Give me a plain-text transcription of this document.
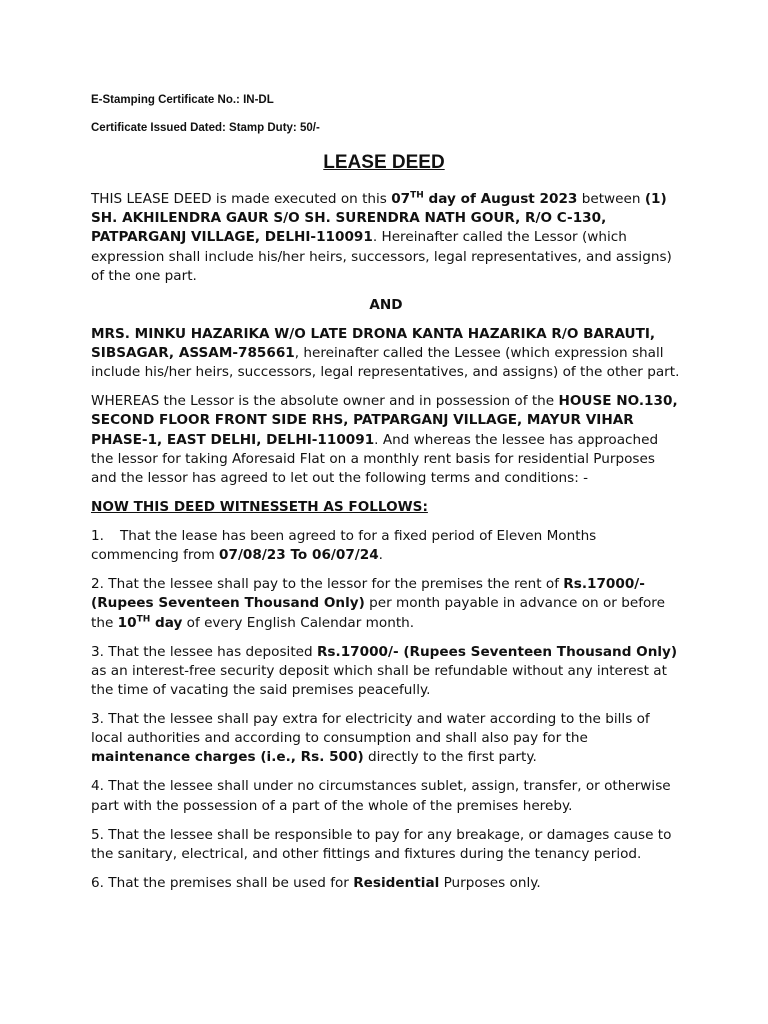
E-Stamping Certificate No.: IN-DL
Certificate Issued Dated: Stamp Duty: 50/-
LEASE DEED

THIS LEASE DEED is made executed on this 07TH day of August 2023 between (1) SH. AKHILENDRA GAUR S/O SH. SURENDRA NATH GOUR, R/O C-130, PATPARGANJ VILLAGE, DELHI-110091. Hereinafter called the Lessor (which expression shall include his/her heirs, successors, legal representatives, and assigns) of the one part.

AND

MRS. MINKU HAZARIKA W/O LATE DRONA KANTA HAZARIKA R/O BARAUTI, SIBSAGAR, ASSAM-785661, hereinafter called the Lessee (which expression shall include his/her heirs, successors, legal representatives, and assigns) of the other part.

WHEREAS the Lessor is the absolute owner and in possession of the HOUSE NO.130, SECOND FLOOR FRONT SIDE RHS, PATPARGANJ VILLAGE, MAYUR VIHAR PHASE-1, EAST DELHI, DELHI-110091. And whereas the lessee has approached the lessor for taking Aforesaid Flat on a monthly rent basis for residential Purposes and the lessor has agreed to let out the following terms and conditions: -

NOW THIS DEED WITNESSETH AS FOLLOWS:

1. That the lease has been agreed to for a fixed period of Eleven Months commencing from 07/08/23 To 06/07/24.

2. That the lessee shall pay to the lessor for the premises the rent of Rs.17000/- (Rupees Seventeen Thousand Only) per month payable in advance on or before the 10TH day of every English Calendar month.

3. That the lessee has deposited Rs.17000/- (Rupees Seventeen Thousand Only) as an interest-free security deposit which shall be refundable without any interest at the time of vacating the said premises peacefully.

3. That the lessee shall pay extra for electricity and water according to the bills of local authorities and according to consumption and shall also pay for the maintenance charges (i.e., Rs. 500) directly to the first party.

4. That the lessee shall under no circumstances sublet, assign, transfer, or otherwise part with the possession of a part of the whole of the premises hereby.

5. That the lessee shall be responsible to pay for any breakage, or damages cause to the sanitary, electrical, and other fittings and fixtures during the tenancy period.

6. That the premises shall be used for Residential Purposes only.
